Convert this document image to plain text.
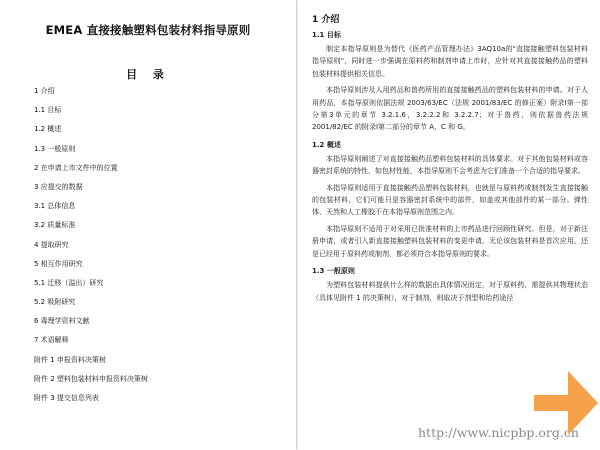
EMEA 直接接触塑料包装材料指导原则
目 录
1 介绍
1.1 目标
1.2 概述
1.3 一般原则
2 在申请上市文件中的位置
3 应提交的数据
3.1 总体信息
3.2 质量标准
4 提取研究
5 相互作用研究
5.1 迁移（溢出）研究
5.2 吸附研究
6 毒理学资料文献
7 术语解释
附件 1 申报资料决策树
附件 2 塑料包装材料申报资料决策树
附件 3 提交信息列表
1 介绍
1.1 目标

制定本指导原则是为替代《医药产品管理办法》3AQ10a的"直接接触塑料包装材料指导原则"，同时进一步强调在原料药和制剂申请上市时，应针对其直接接触药品的塑料包装材料提供相关信息。

本指导原则涉及人用药品和兽药所用的直接接触药品的塑料包装材料的申请。对于人用药品，本指导原则依据法规 2003/63/EC（法规 2001/83/EC 的修正案）附录Ⅰ第一部分第3单元的章节 3.2.1.6，3.2.2.2和 3.2.2.7；对于兽药，则依据兽药法规 2001/82/EC 的附录Ⅰ第二部分的章节 A，C 和 G。

1.2 概述

本指导原则阐述了对直接接触药品塑料包装材料的具体要求。对于其他包装材料或容器密封系统的特性，如包材性能，本指导原则不会考虑为它们准备一个合适的指导要求。

本指导原则适用于直接接触药品塑料包装材料，也就是与原料药或制剂发生直接接触的包装材料，它们可能只是容器密封系统中的部件，如盖或其他部件的某一部分。弹性体、天然和人工橡胶不在本指导原则范围之内。

本指导原则不适用于对采用已批准材料的上市药品进行回顾性研究。但是，对于新注册申请，或者引入新直接接触塑料包装材料的变更申请，无论该包装材料是首次应用，还是已经用于原料药或制剂，都必须符合本指导原则的要求。

1.3 一般原则

为塑料包装材料提供什么样的数据由具体情况而定，对于原料药，需提供其物理状态（具体见附件 1 的决策树），对于制剂，则取决于剂型和给药途径

http://www.nicpbp.org.cn
